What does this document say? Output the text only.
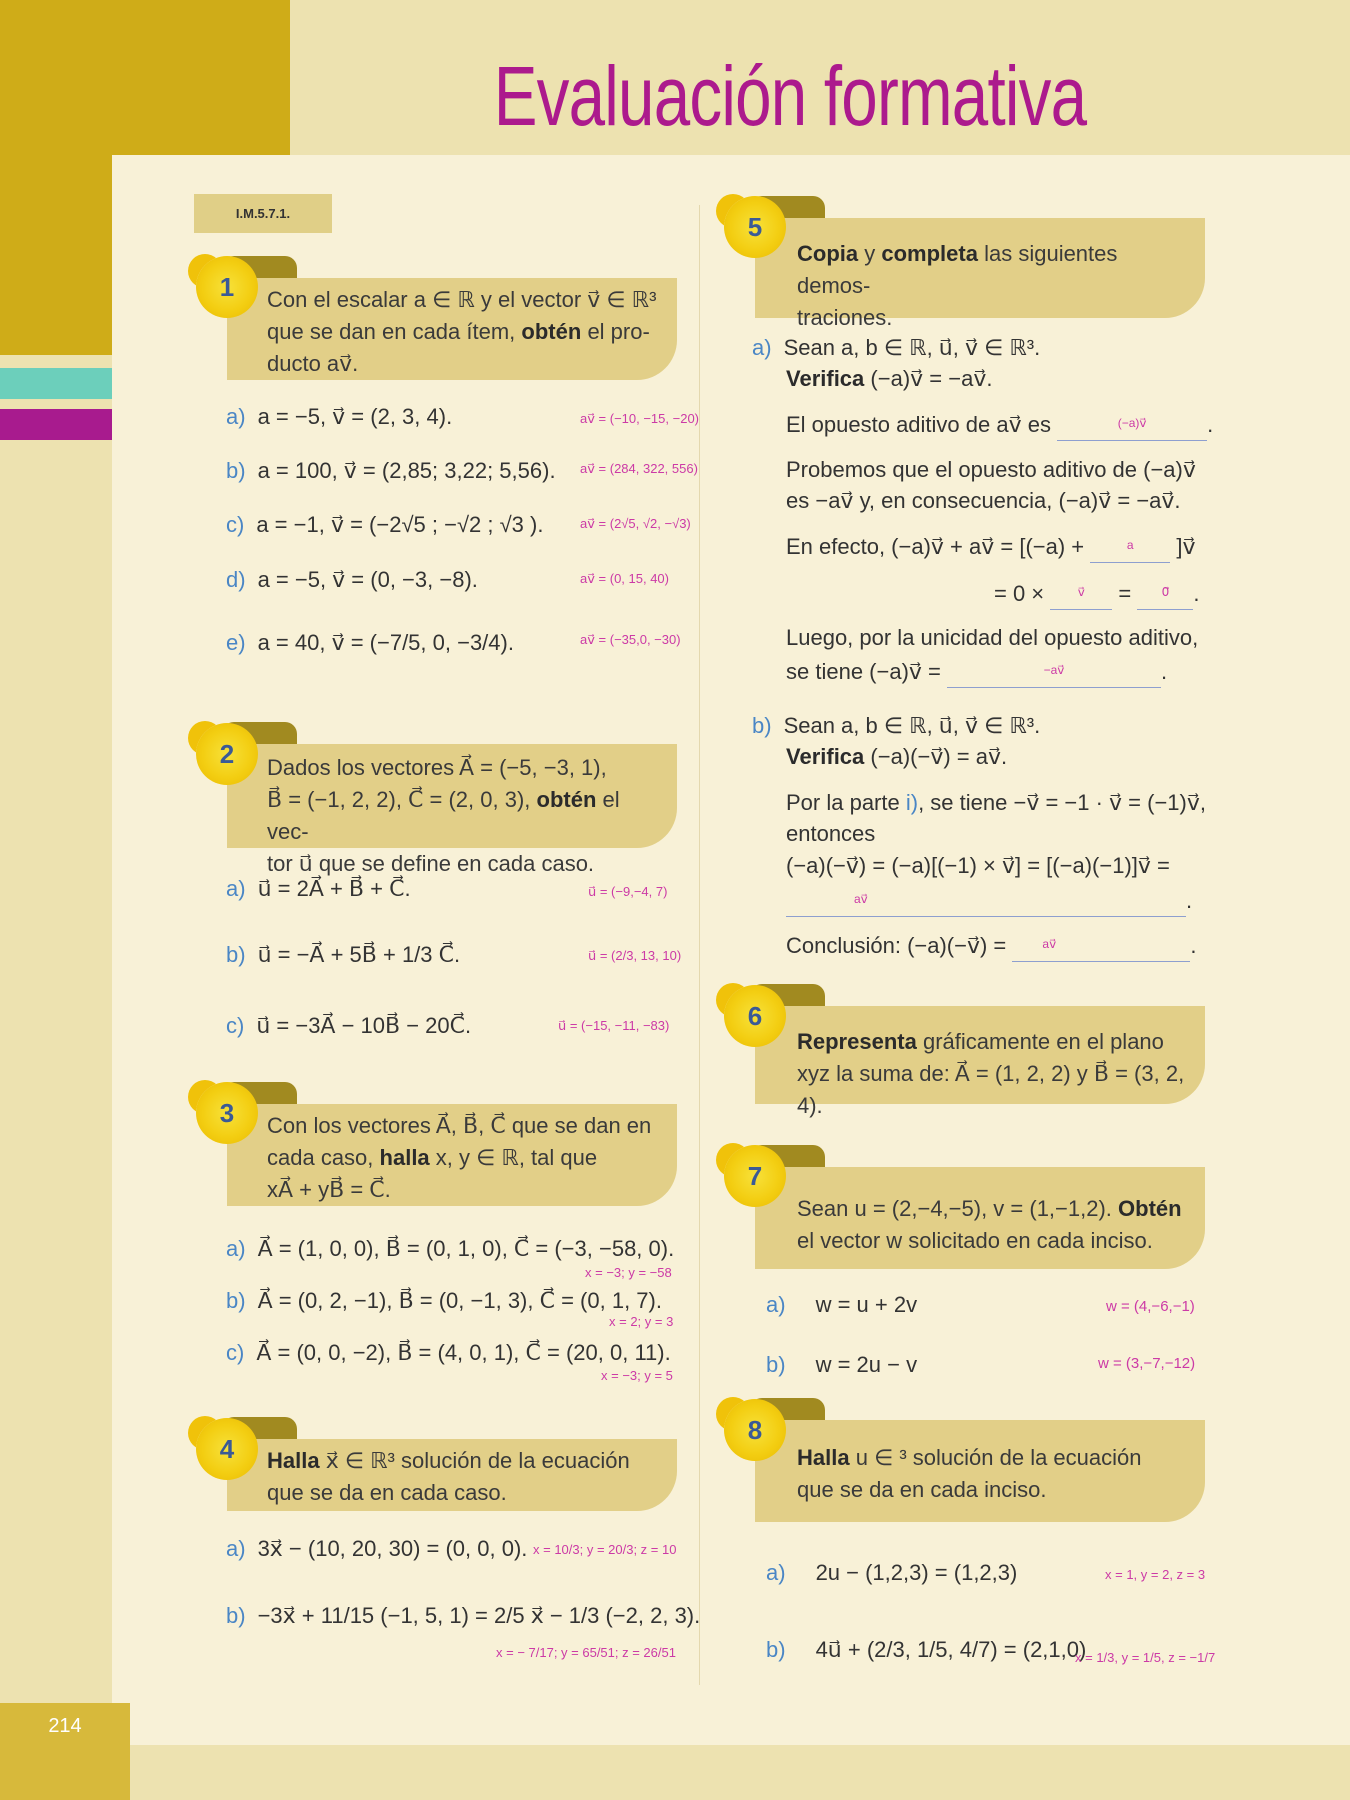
214
Evaluación formativa
I.M.5.7.1.
Con el escalar a ∈ ℝ y el vector v⃗ ∈ ℝ³
que se dan en cada ítem, obtén el pro-
ducto av⃗.
1
a) a = −5, v⃗ = (2, 3, 4).	av⃗ = (−10, −15, −20)
b) a = 100, v⃗ = (2,85; 3,22; 5,56). av⃗ = (284, 322, 556)
c) a = −1, v⃗ = (−2√5 ; −√2 ; √3 ).	av⃗ = (2√5, √2, −√3)
d) a = −5, v⃗ = (0, −3, −8).	av⃗ = (0, 15, 40)
e) a = 40, v⃗ = (−7/5, 0, −3/4).	av⃗ = (−35,0, −30)
Dados los vectores A⃗ = (−5, −3, 1),
B⃗ = (−1, 2, 2), C⃗ = (2, 0, 3), obtén el vec-
tor u⃗ que se define en cada caso.
2
a) u⃗ = 2A⃗ + B⃗ + C⃗.	u⃗ = (−9,−4, 7)
b) u⃗ = −A⃗ + 5B⃗ + 1/3 C⃗.	u⃗ = (2/3, 13, 10)
c) u⃗ = −3A⃗ − 10B⃗ − 20C⃗.	u⃗ = (−15, −11, −83)
Con los vectores A⃗, B⃗, C⃗ que se dan en
cada caso, halla x, y ∈ ℝ, tal que
xA⃗ + yB⃗ = C⃗.
3
a) A⃗ = (1, 0, 0), B⃗ = (0, 1, 0), C⃗ = (−3, −58, 0).
x = −3; y = −58
b) A⃗ = (0, 2, −1), B⃗ = (0, −1, 3), C⃗ = (0, 1, 7).
x = 2; y = 3
c) A⃗ = (0, 0, −2), B⃗ = (4, 0, 1), C⃗ = (20, 0, 11).
x = −3; y = 5
Halla x⃗ ∈ ℝ³ solución de la ecuación
que se da en cada caso.
4
a) 3x⃗ − (10, 20, 30) = (0, 0, 0). x = 10/3; y = 20/3; z = 10
b) −3x⃗ + 11/15 (−1, 5, 1) = 2/5 x⃗ − 1/3 (−2, 2, 3).
x = − 7/17; y = 65/51; z = 26/51
Copia y completa las siguientes demos-
traciones.
5
a) Sean a, b ∈ ℝ, u⃗, v⃗ ∈ ℝ³.
Verifica (−a)v⃗ = −av⃗.
El opuesto aditivo de av⃗ es	(−a)v⃗	.
Probemos que el opuesto aditivo de (−a)v⃗
es −av⃗ y, en consecuencia, (−a)v⃗ = −av⃗.
En efecto, (−a)v⃗ + av⃗ = [(−a) +	a	]v⃗
= 0 ×	v⃗	=	0⃗	.
Luego, por la unicidad del opuesto aditivo,
se tiene (−a)v⃗ =	−av⃗	.
b) Sean a, b ∈ ℝ, u⃗, v⃗ ∈ ℝ³.
Verifica (−a)(−v⃗) = av⃗.
Por la parte i), se tiene −v⃗ = −1 · v⃗ = (−1)v⃗,
entonces
(−a)(−v⃗) = (−a)[(−1) × v⃗] = [(−a)(−1)]v⃗ =

av⃗	.
Conclusión: (−a)(−v⃗) =	av⃗	.
Representa gráficamente en el plano
xyz la suma de: A⃗ = (1, 2, 2) y B⃗ = (3, 2, 4).
6
Sean u = (2,−4,−5), v = (1,−1,2). Obtén
el vector w solicitado en cada inciso.
7
a) w = u + 2v	w = (4,−6,−1)
b) w = 2u − v	w = (3,−7,−12)
Halla u ∈ ³ solución de la ecuación
que se da en cada inciso.
8
a) 2u − (1,2,3) = (1,2,3)	x = 1, y = 2, z = 3
b) 4u⃗ + (2/3, 1/5, 4/7) = (2,1,0)
x = 1/3, y = 1/5, z = −1/7
